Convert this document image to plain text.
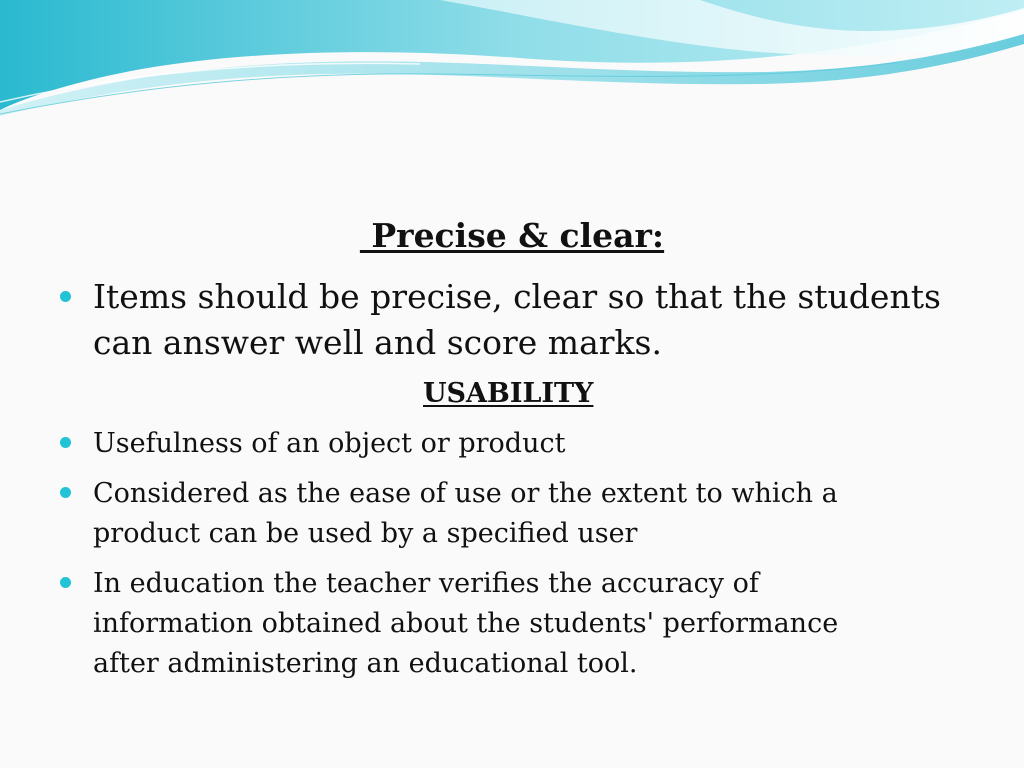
Precise & clear:

Items should be precise, clear so that the students can answer well and score marks.

USABILITY

Usefulness of an object or product

Considered as the ease of use or the extent to which a product can be used by a specified user

In education the teacher verifies the accuracy of information obtained about the students' performance after administering an educational tool.
